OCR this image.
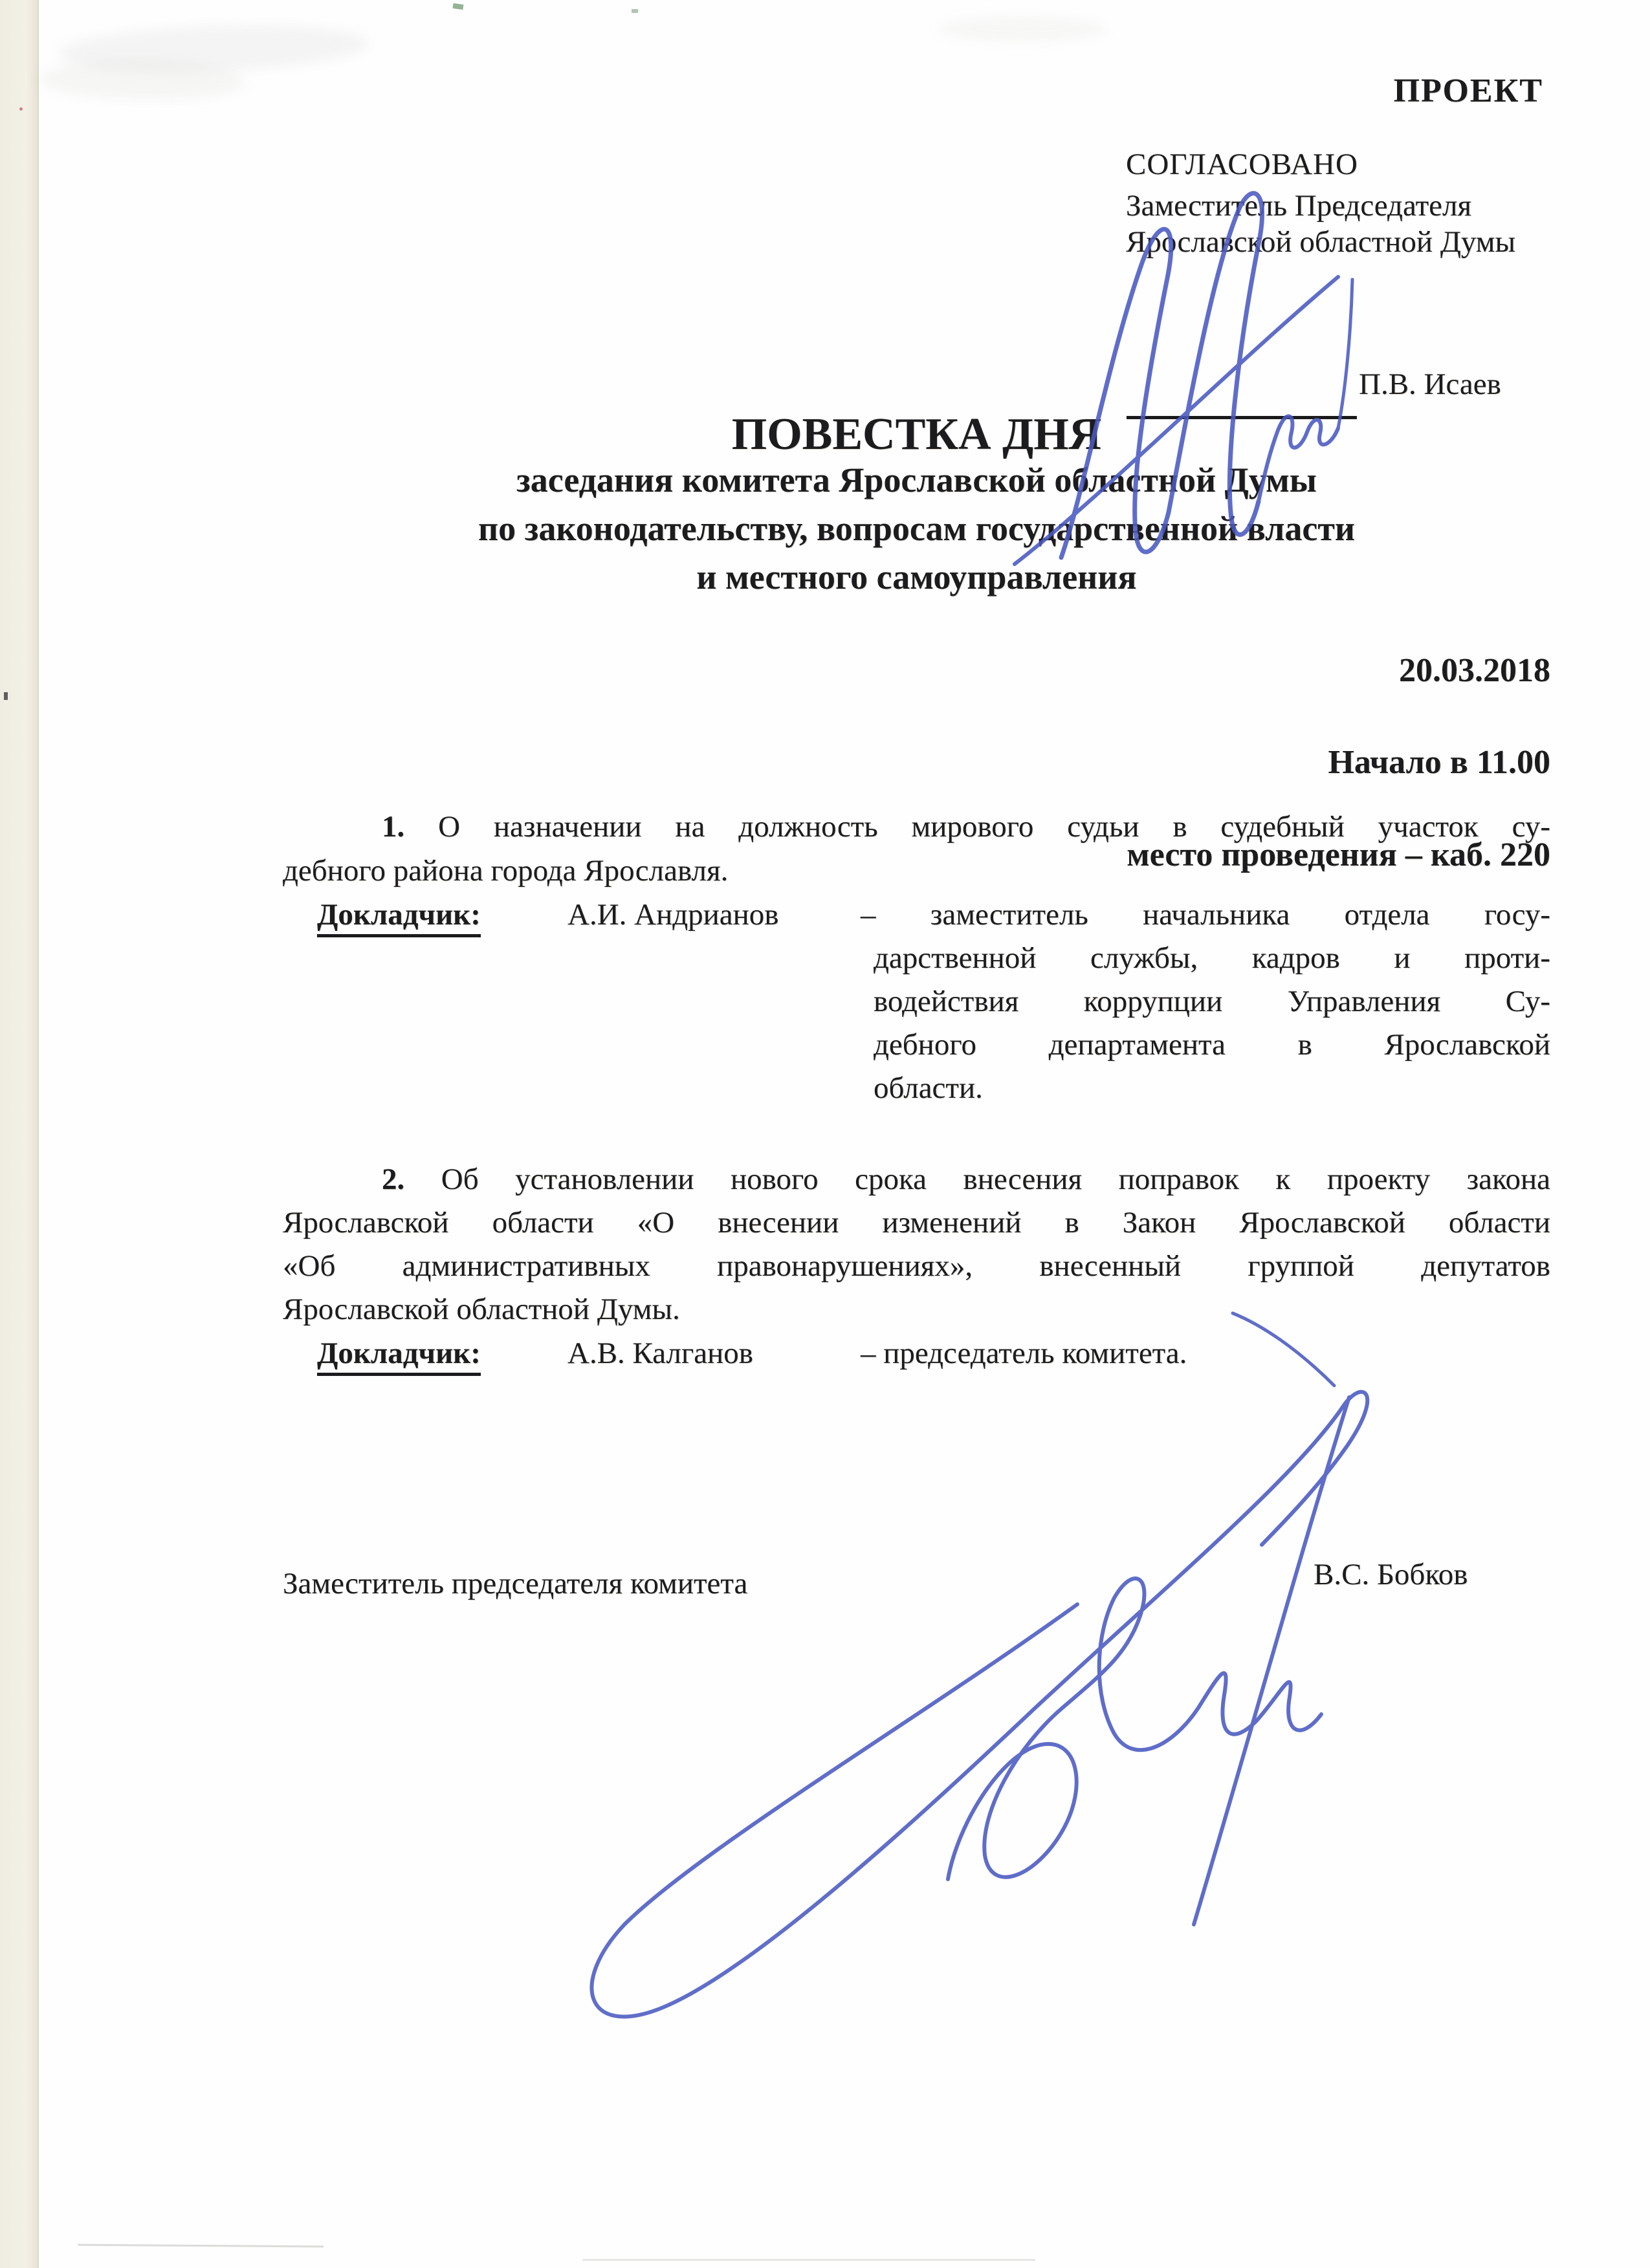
ПРОЕКТ
СОГЛАСОВАНО
Заместитель Председателя
Ярославской областной Думы
П.В. Исаев
ПОВЕСТКА ДНЯ
заседания комитета Ярославской областной Думы
по законодательству, вопросам государственной власти
и местного самоуправления
20.03.2018
Начало в 11.00
место проведения – каб. 220
1. О назначении на должность мирового судьи в судебный участок су-
дебного района города Ярославля.
Докладчик:	А.И. Андрианов	– заместитель начальника отдела госу-
дарственной службы, кадров и проти-
водействия коррупции Управления Су-
дебного департамента в Ярославской
области.
2. Об установлении нового срока внесения поправок к проекту закона
Ярославской области «О внесении изменений в Закон Ярославской области
«Об административных правонарушениях», внесенный группой депутатов
Ярославской областной Думы.
Докладчик:	А.В. Калганов	– председатель комитета.
Заместитель председателя комитета	В.С. Бобков
